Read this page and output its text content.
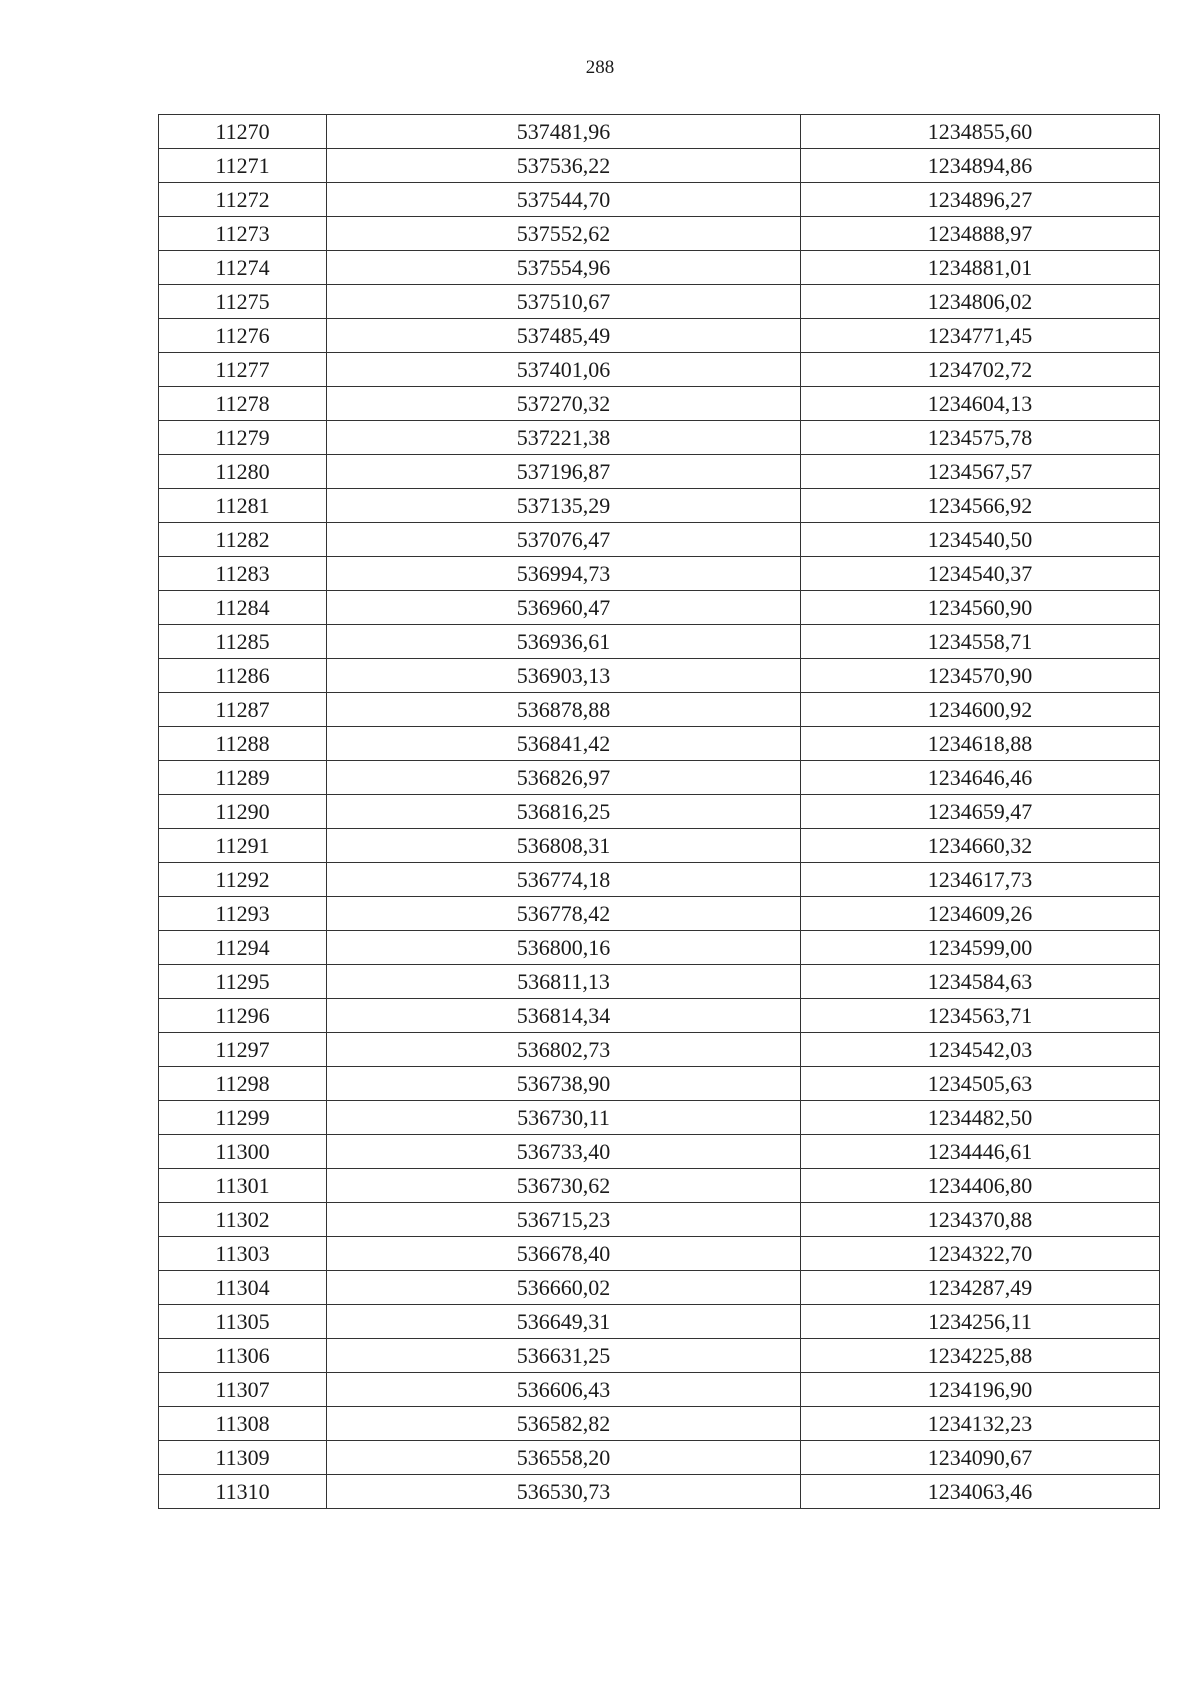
288
11270	537481,96	1234855,60
11271	537536,22	1234894,86
11272	537544,70	1234896,27
11273	537552,62	1234888,97
11274	537554,96	1234881,01
11275	537510,67	1234806,02
11276	537485,49	1234771,45
11277	537401,06	1234702,72
11278	537270,32	1234604,13
11279	537221,38	1234575,78
11280	537196,87	1234567,57
11281	537135,29	1234566,92
11282	537076,47	1234540,50
11283	536994,73	1234540,37
11284	536960,47	1234560,90
11285	536936,61	1234558,71
11286	536903,13	1234570,90
11287	536878,88	1234600,92
11288	536841,42	1234618,88
11289	536826,97	1234646,46
11290	536816,25	1234659,47
11291	536808,31	1234660,32
11292	536774,18	1234617,73
11293	536778,42	1234609,26
11294	536800,16	1234599,00
11295	536811,13	1234584,63
11296	536814,34	1234563,71
11297	536802,73	1234542,03
11298	536738,90	1234505,63
11299	536730,11	1234482,50
11300	536733,40	1234446,61
11301	536730,62	1234406,80
11302	536715,23	1234370,88
11303	536678,40	1234322,70
11304	536660,02	1234287,49
11305	536649,31	1234256,11
11306	536631,25	1234225,88
11307	536606,43	1234196,90
11308	536582,82	1234132,23
11309	536558,20	1234090,67
11310	536530,73	1234063,46
